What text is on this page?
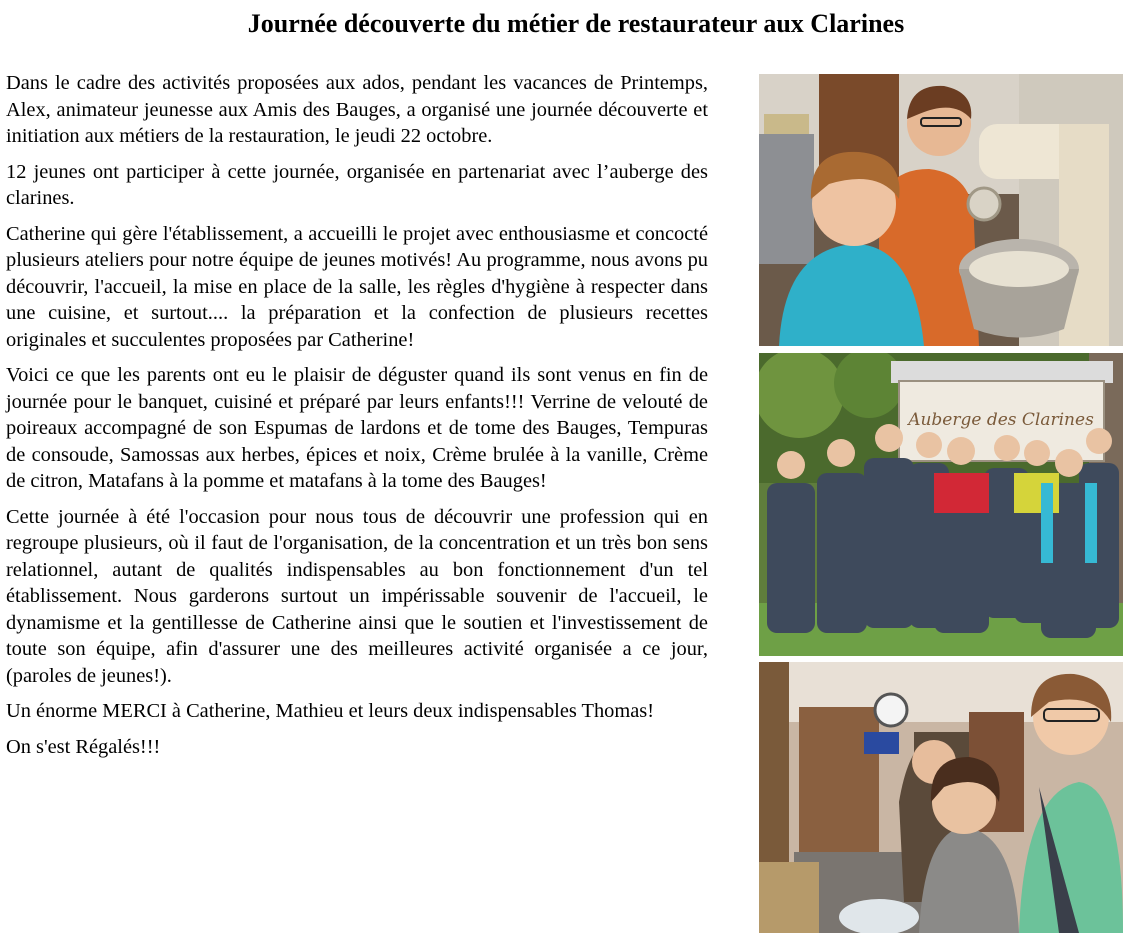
Journée découverte du métier de restaurateur aux Clarines

Dans le cadre des activités proposées aux ados, pendant les vacances de Printemps, Alex, animateur jeunesse aux Amis des Bauges, a organisé une journée découverte et initiation aux métiers de la restauration, le jeudi 22 octobre.

12 jeunes ont participer à cette journée, organisée en partenariat avec l’auberge des clarines.

Catherine qui gère l'établissement, a accueilli le projet avec enthousiasme et concocté plusieurs ateliers pour notre équipe de jeunes motivés! Au programme, nous avons pu découvrir, l'accueil, la mise en place de la salle, les règles d'hygiène à respecter dans une cuisine, et surtout.... la préparation et la confection de plusieurs recettes originales et succulentes proposées par Catherine!

Voici ce que les parents ont eu le plaisir de déguster quand ils sont venus en fin de journée pour le banquet, cuisiné et préparé par leurs enfants!!! Verrine de velouté de poireaux accompagné de son Espumas de lardons et de tome des Bauges, Tempuras de consoude, Samossas aux herbes, épices et noix, Crème brulée à la vanille, Crème de citron, Matafans à la pomme et matafans à la tome des Bauges!

Cette journée à été l'occasion pour nous tous de découvrir une profession qui en regroupe plusieurs, où il faut de l'organisation, de la concentration et un très bon sens relationnel, autant de qualités indispensables au bon fonctionnement d'un tel établissement. Nous garderons surtout un impérissable souvenir de l'accueil, le dynamisme et la gentillesse de Catherine ainsi que le soutien et l'investissement de toute son équipe, afin d'assurer une des meilleures activité organisée a ce jour, (paroles de jeunes!).

Un énorme MERCI à Catherine, Mathieu et leurs deux indispensables Thomas!

On s'est Régalés!!!

Auberge des Clarines
